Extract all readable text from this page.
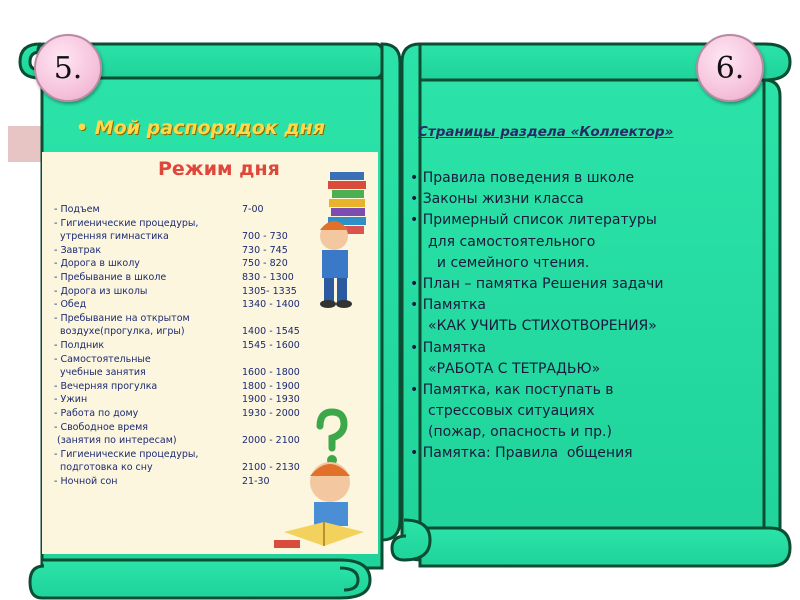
5.	6.
• Мой распорядок дня
Режим дня
- Подъем	7-00
- Гигиенические процедуры,
утренняя гимнастика	700 - 730
- Завтрак	730 - 745
- Дорога в школу	750 - 820
- Пребывание в школе	830 - 1300
- Дорога из школы	1305- 1335
- Обед	1340 - 1400
- Пребывание на открытом
воздухе(прогулка, игры)	1400 - 1545
- Полдник	1545 - 1600
- Самостоятельные
учебные занятия	1600 - 1800
- Вечерняя прогулка	1800 - 1900
- Ужин	1900 - 1930
- Работа по дому	1930 - 2000
- Свободное время
(занятия по интересам)	2000 - 2100
- Гигиенические процедуры,
подготовка ко сну	2100 - 2130
- Ночной сон	21-30
Страницы раздела «Коллектор»
• Правила поведения в школе
• Законы жизни класса
• Примерный список литературы
для самостоятельного
и семейного чтения.
• План – памятка Решения задачи
• Памятка
«КАК УЧИТЬ СТИХОТВОРЕНИЯ»
• Памятка
«РАБОТА С ТЕТРАДЬЮ»
• Памятка, как поступать в
стрессовых ситуациях
(пожар, опасность и пр.)
• Памятка: Правила  общения
